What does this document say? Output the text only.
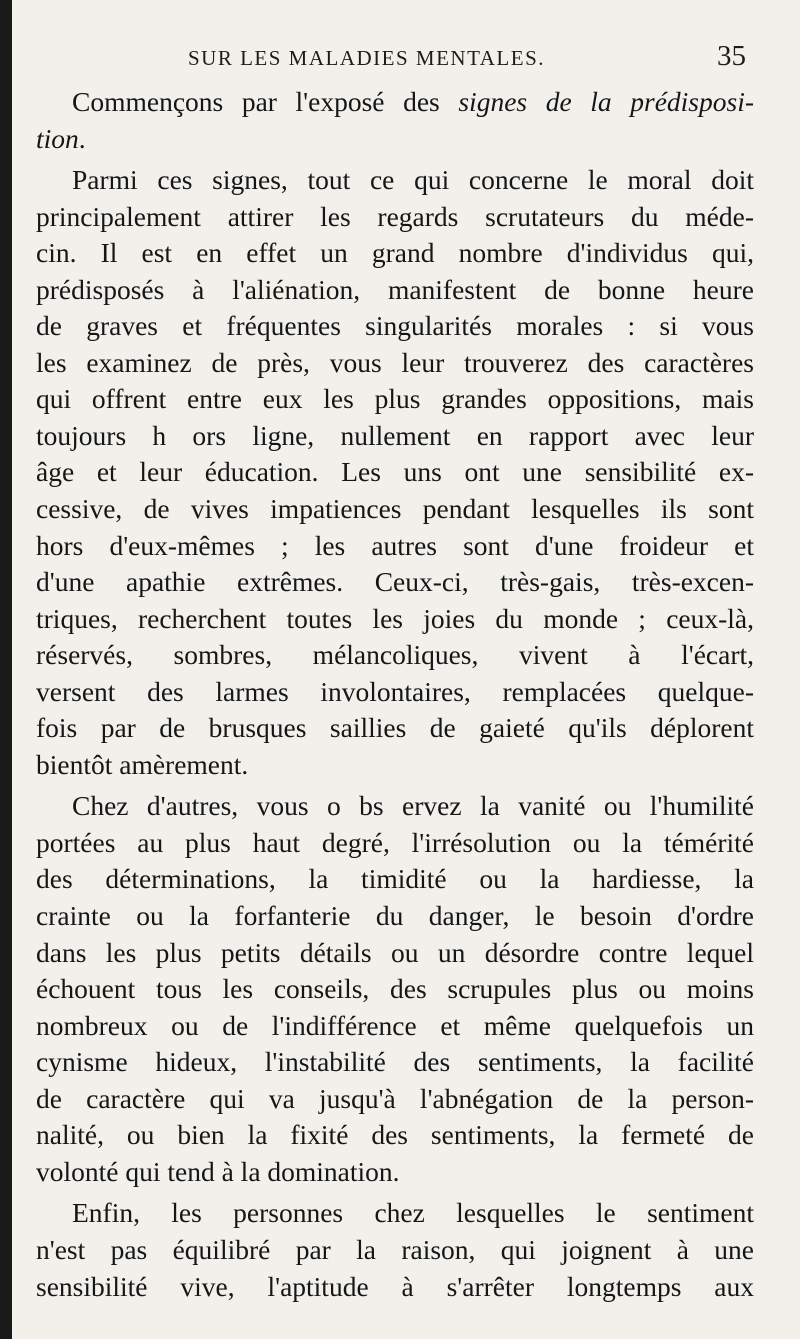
SUR LES MALADIES MENTALES.	35
Commençons par l'exposé des signes de la prédisposi-
tion.
Parmi ces signes, tout ce qui concerne le moral doit
principalement attirer les regards scrutateurs du méde-
cin. Il est en effet un grand nombre d'individus qui,
prédisposés à l'aliénation, manifestent de bonne heure
de graves et fréquentes singularités morales : si vous
les examinez de près, vous leur trouverez des caractères
qui offrent entre eux les plus grandes oppositions, mais
toujours h ors ligne, nullement en rapport avec leur
âge et leur éducation. Les uns ont une sensibilité ex-
cessive, de vives impatiences pendant lesquelles ils sont
hors d'eux-mêmes ; les autres sont d'une froideur et
d'une apathie extrêmes. Ceux-ci, très-gais, très-excen-
triques, recherchent toutes les joies du monde ; ceux-là,
réservés, sombres, mélancoliques, vivent à l'écart,
versent des larmes involontaires, remplacées quelque-
fois par de brusques saillies de gaieté qu'ils déplorent
bientôt amèrement.
Chez d'autres, vous o bs ervez la vanité ou l'humilité
portées au plus haut degré, l'irrésolution ou la témérité
des déterminations, la timidité ou la hardiesse, la
crainte ou la forfanterie du danger, le besoin d'ordre
dans les plus petits détails ou un désordre contre lequel
échouent tous les conseils, des scrupules plus ou moins
nombreux ou de l'indifférence et même quelquefois un
cynisme hideux, l'instabilité des sentiments, la facilité
de caractère qui va jusqu'à l'abnégation de la person-
nalité, ou bien la fixité des sentiments, la fermeté de
volonté qui tend à la domination.
Enfin, les personnes chez lesquelles le sentiment
n'est pas équilibré par la raison, qui joignent à une
sensibilité vive, l'aptitude à s'arrêter longtemps aux
